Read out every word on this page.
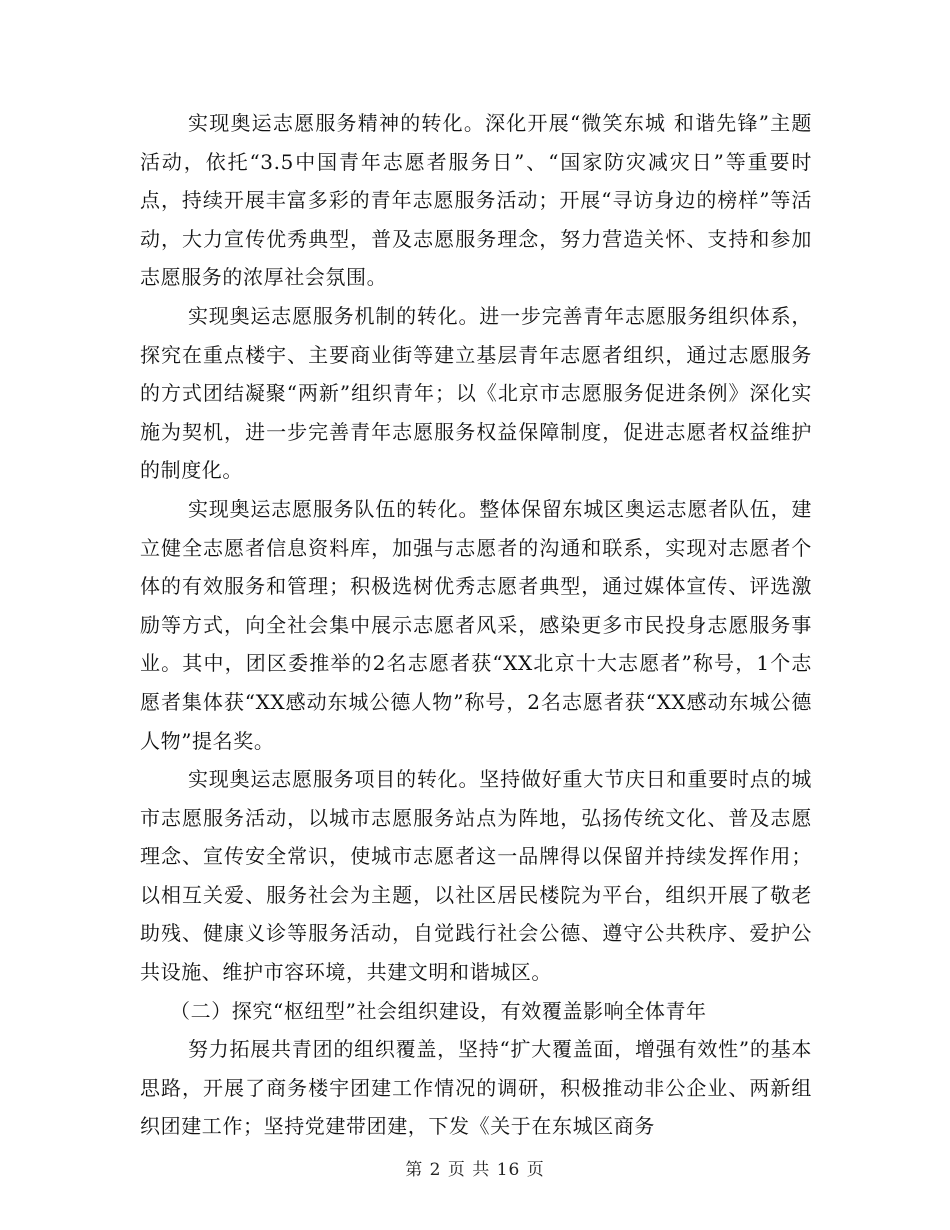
实现奥运志愿服务精神的转化。深化开展“微笑东城 和谐先锋”主题活动，依托“3.5中国青年志愿者服务日”、“国家防灾减灾日”等重要时点，持续开展丰富多彩的青年志愿服务活动；开展“寻访身边的榜样”等活动，大力宣传优秀典型，普及志愿服务理念，努力营造关怀、支持和参加志愿服务的浓厚社会氛围。

实现奥运志愿服务机制的转化。进一步完善青年志愿服务组织体系，探究在重点楼宇、主要商业街等建立基层青年志愿者组织，通过志愿服务的方式团结凝聚“两新”组织青年；以《北京市志愿服务促进条例》深化实施为契机，进一步完善青年志愿服务权益保障制度，促进志愿者权益维护的制度化。

实现奥运志愿服务队伍的转化。整体保留东城区奥运志愿者队伍，建立健全志愿者信息资料库，加强与志愿者的沟通和联系，实现对志愿者个体的有效服务和管理；积极选树优秀志愿者典型，通过媒体宣传、评选激励等方式，向全社会集中展示志愿者风采，感染更多市民投身志愿服务事业。其中，团区委推举的2名志愿者获“XX北京十大志愿者”称号，1个志愿者集体获“XX感动东城公德人物”称号，2名志愿者获“XX感动东城公德人物”提名奖。

实现奥运志愿服务项目的转化。坚持做好重大节庆日和重要时点的城市志愿服务活动，以城市志愿服务站点为阵地，弘扬传统文化、普及志愿理念、宣传安全常识，使城市志愿者这一品牌得以保留并持续发挥作用；以相互关爱、服务社会为主题，以社区居民楼院为平台，组织开展了敬老助残、健康义诊等服务活动，自觉践行社会公德、遵守公共秩序、爱护公共设施、维护市容环境，共建文明和谐城区。

（二）探究“枢纽型”社会组织建设，有效覆盖影响全体青年

努力拓展共青团的组织覆盖，坚持“扩大覆盖面，增强有效性”的基本思路，开展了商务楼宇团建工作情况的调研，积极推动非公企业、两新组织团建工作；坚持党建带团建，下发《关于在东城区商务

第 2 页 共 16 页
